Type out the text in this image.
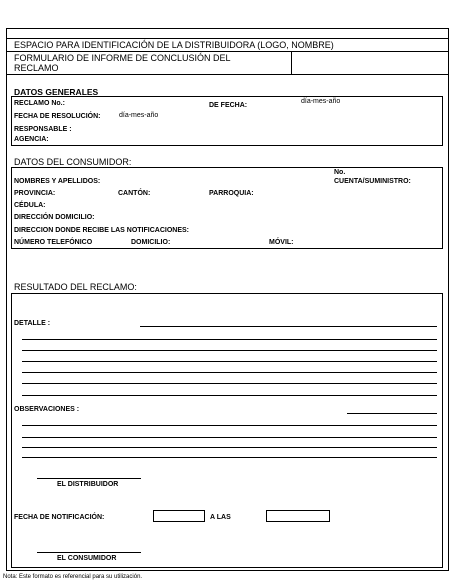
ESPACIO PARA IDENTIFICACIÓN DE LA DISTRIBUIDORA (LOGO, NOMBRE)
FORMULARIO DE INFORME DE CONCLUSIÓN DEL
RECLAMO
DATOS GENERALES
RECLAMO No.:	DE FECHA:
día-mes-año
FECHA DE RESOLUCIÓN:	día-mes-año
RESPONSABLE :
AGENCIA:
DATOS DEL CONSUMIDOR:
No.
NOMBRES Y APELLIDOS:	CUENTA/SUMINISTRO:
PROVINCIA:	CANTÓN:	PARROQUIA:
CÉDULA:
DIRECCIÓN DOMICILIO:
DIRECCION DONDE RECIBE LAS NOTIFICACIONES:
NÚMERO TELEFÓNICO	DOMICILIO:	MÓVIL:
RESULTADO DEL RECLAMO:
DETALLE :
OBSERVACIONES :
EL DISTRIBUIDOR
FECHA DE NOTIFICACIÓN:	A LAS
EL CONSUMIDOR
Nota: Este formato es referencial para su utilización.
